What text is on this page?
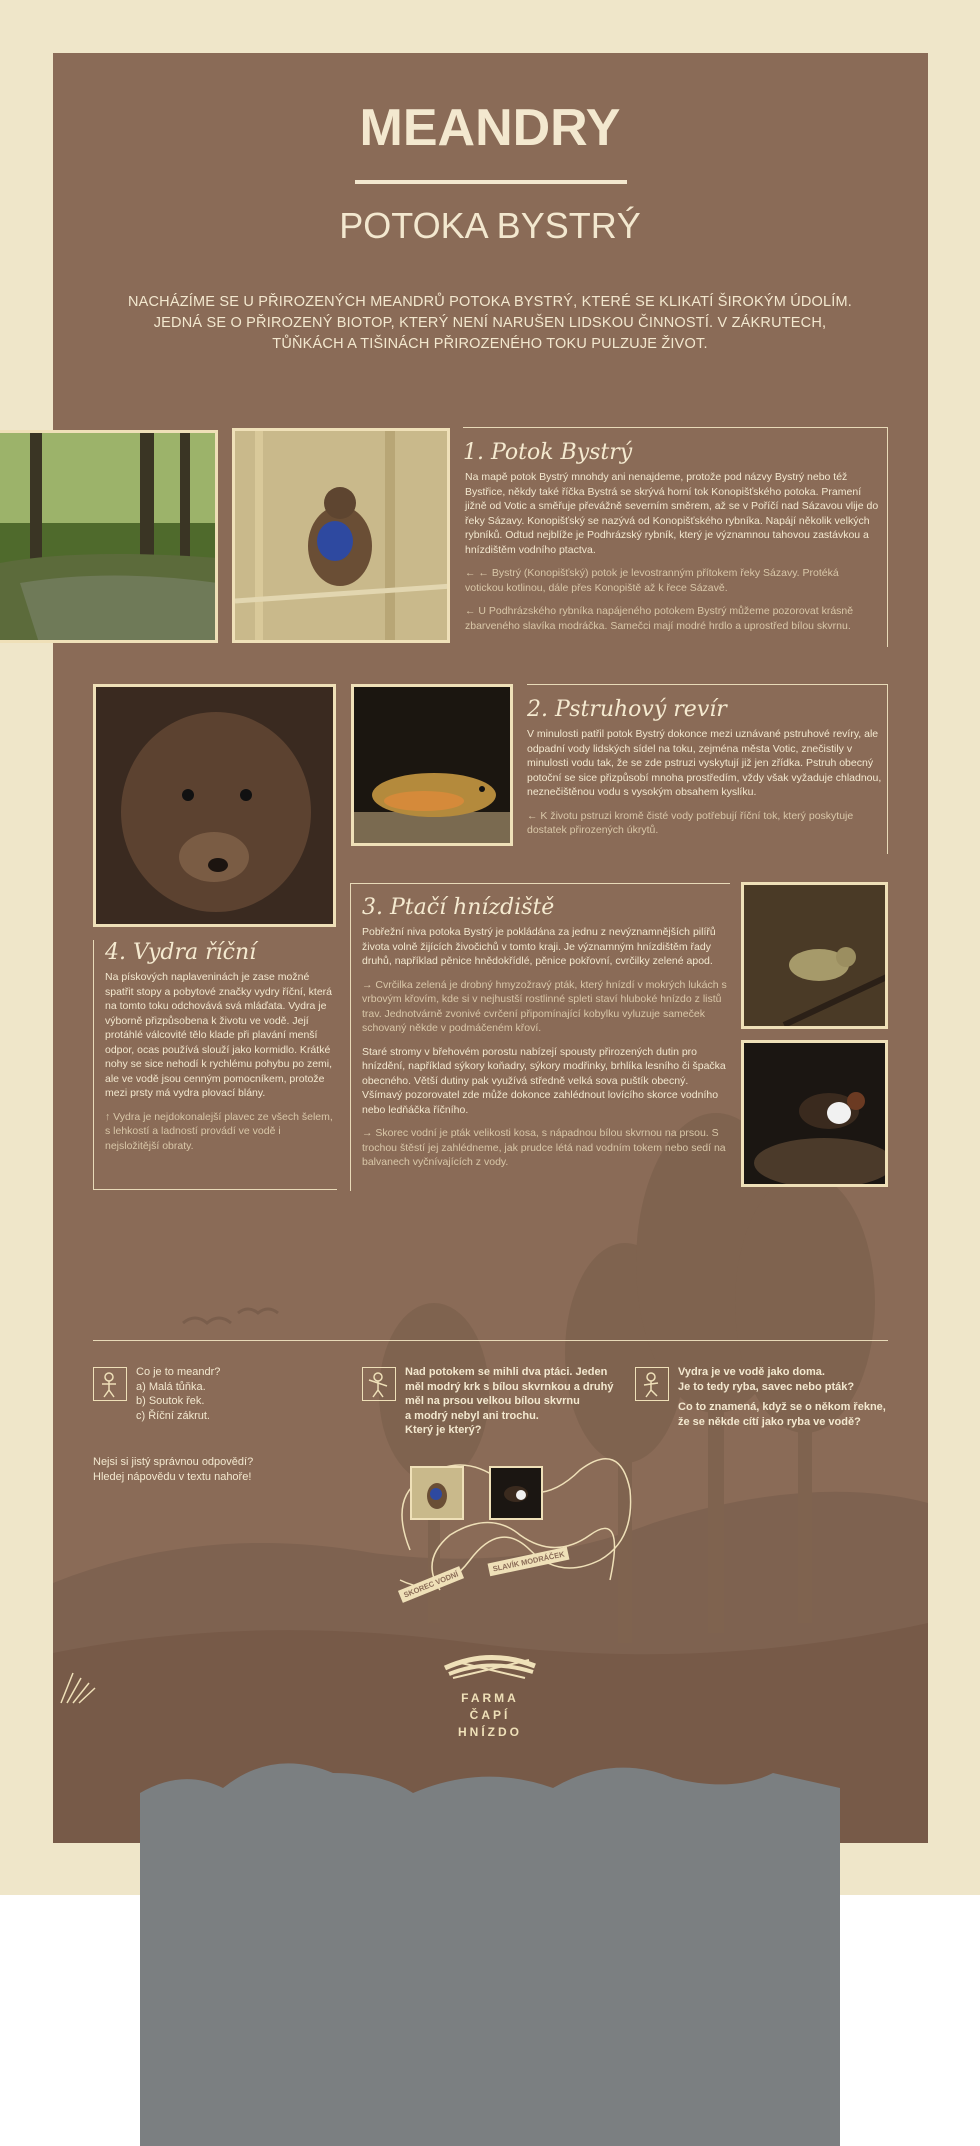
MEANDRY
POTOKA BYSTRÝ
NACHÁZÍME SE U PŘIROZENÝCH MEANDRŮ POTOKA BYSTRÝ, KTERÉ SE KLIKATÍ ŠIROKÝM ÚDOLÍM. JEDNÁ SE O PŘIROZENÝ BIOTOP, KTERÝ NENÍ NARUŠEN LIDSKOU ČINNOSTÍ. V ZÁKRUTECH, TŮŇKÁCH A TIŠINÁCH PŘIROZENÉHO TOKU PULZUJE ŽIVOT.
1. Potok Bystrý

Na mapě potok Bystrý mnohdy ani nenajdeme, protože pod názvy Bystrý nebo též Bystřice, někdy také říčka Bystrá se skrývá horní tok Konopišťského potoka. Pramení jižně od Votic a směřuje převážně severním směrem, až se v Poříčí nad Sázavou vlije do řeky Sázavy. Konopišťský se nazývá od Konopišťského rybníka. Napájí několik velkých rybníků. Odtud nejblíže je Podhrázský rybník, který je významnou tahovou zastávkou a hnízdištěm vodního ptactva.

← ← Bystrý (Konopišťský) potok je levostranným přítokem řeky Sázavy. Protéká votickou kotlinou, dále přes Konopiště až k řece Sázavě.

← U Podhrázského rybníka napájeného potokem Bystrý můžeme pozorovat krásně zbarveného slavíka modráčka. Samečci mají modré hrdlo a uprostřed bílou skvrnu.

2. Pstruhový revír

V minulosti patřil potok Bystrý dokonce mezi uznávané pstruhové revíry, ale odpadní vody lidských sídel na toku, zejména města Votic, znečistily v minulosti vodu tak, že se zde pstruzi vyskytují již jen zřídka. Pstruh obecný potoční se sice přizpůsobí mnoha prostředím, vždy však vyžaduje chladnou, neznečištěnou vodu s vysokým obsahem kyslíku.

← K životu pstruzi kromě čisté vody potřebují říční tok, který poskytuje dostatek přirozených úkrytů.

3. Ptačí hnízdiště

Pobřežní niva potoka Bystrý je pokládána za jednu z nevýznamnějších pilířů života volně žijících živočichů v tomto kraji. Je významným hnízdištěm řady druhů, například pěnice hnědokřídlé, pěnice pokřovní, cvrčilky zelené apod.

→ Cvrčilka zelená je drobný hmyzožravý pták, který hnízdí v mokrých lukách s vrbovým křovím, kde si v nejhustší rostlinné spleti staví hluboké hnízdo z listů trav. Jednotvárně zvonivé cvrčení připomínající kobylku vyluzuje sameček schovaný někde v podmáčeném křoví.

Staré stromy v břehovém porostu nabízejí spousty přirozených dutin pro hnízdění, například sýkory koňadry, sýkory modřinky, brhlíka lesního či špačka obecného. Větší dutiny pak využívá středně velká sova puštík obecný. Všímavý pozorovatel zde může dokonce zahlédnout lovícího skorce vodního nebo ledňáčka říčního.

→ Skorec vodní je pták velikosti kosa, s nápadnou bílou skvrnou na prsou. S trochou štěstí jej zahlédneme, jak prudce létá nad vodním tokem nebo sedí na balvanech vyčnívajících z vody.

4. Vydra říční

Na pískových naplaveninách je zase možné spatřit stopy a pobytové značky vydry říční, která na tomto toku odchovává svá mláďata. Vydra je výborně přizpůsobena k životu ve vodě. Její protáhlé válcovité tělo klade při plavání menší odpor, ocas používá slouží jako kormidlo. Krátké nohy se sice nehodí k rychlému pohybu po zemi, ale ve vodě jsou cenným pomocníkem, protože mezi prsty má vydra plovací blány.

↑ Vydra je nejdokonalejší plavec ze všech šelem, s lehkostí a ladností provádí ve vodě i nejsložitější obraty.

Co je to meandr?
a) Malá tůňka.
b) Soutok řek.
c) Říční zákrut.
Nejsi si jistý správnou odpovědí?
Hledej nápovědu v textu nahoře!
Nad potokem se mihli dva ptáci. Jeden
měl modrý krk s bílou skvrnkou a druhý
měl na prsou velkou bílou skvrnu
a modrý nebyl ani trochu.
Který je který?
SKOREC VODNÍ
SLAVÍK MODRÁČEK
Vydra je ve vodě jako doma.
Je to tedy ryba, savec nebo pták?
Co to znamená, když se o někom řekne,
že se někde cítí jako ryba ve vodě?
FARMA
ČAPÍ
HNÍZDO
